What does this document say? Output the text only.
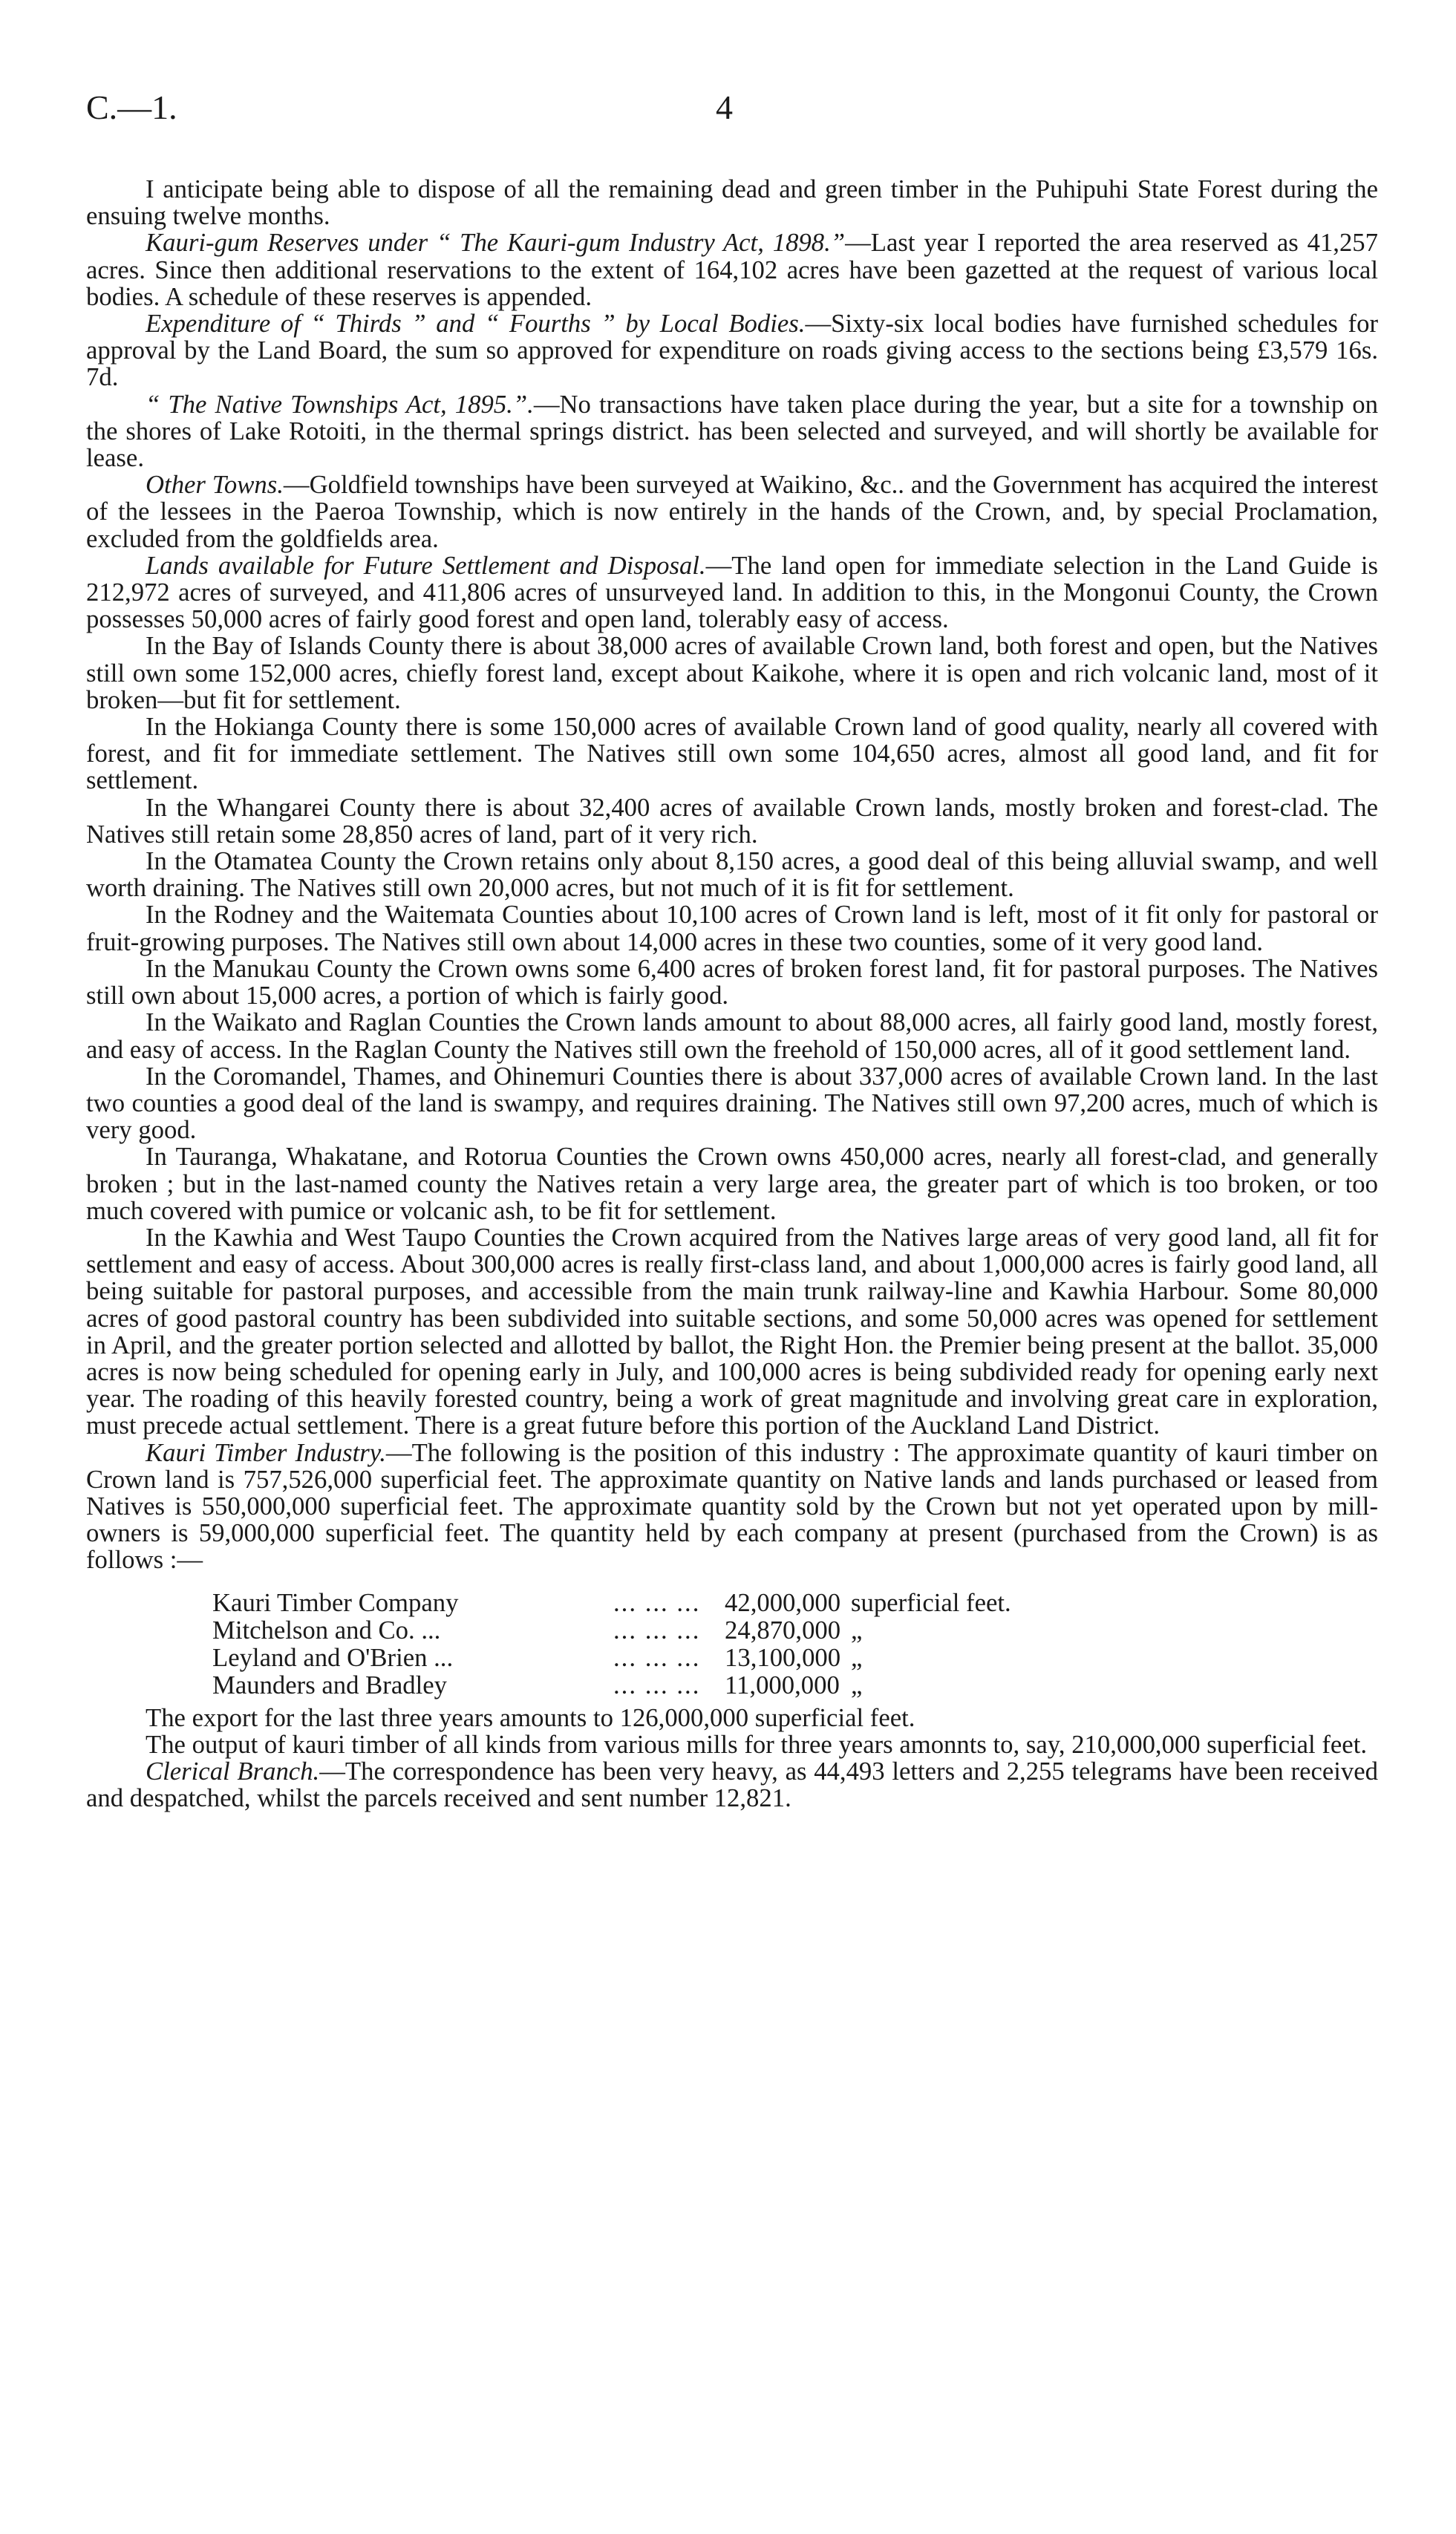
C.—1.	4

I anticipate being able to dispose of all the remaining dead and green timber in the Puhipuhi State Forest during the ensuing twelve months.

Kauri-gum Reserves under “ The Kauri-gum Industry Act, 1898.”—Last year I reported the area reserved as 41,257 acres. Since then additional reservations to the extent of 164,102 acres have been gazetted at the request of various local bodies. A schedule of these reserves is appended.

Expenditure of “ Thirds ” and “ Fourths ” by Local Bodies.—Sixty-six local bodies have furnished schedules for approval by the Land Board, the sum so approved for expenditure on roads giving access to the sections being £3,579 16s. 7d.

“ The Native Townships Act, 1895.”.—No transactions have taken place during the year, but a site for a township on the shores of Lake Rotoiti, in the thermal springs district. has been selected and surveyed, and will shortly be available for lease.

Other Towns.—Goldfield townships have been surveyed at Waikino, &c.. and the Government has acquired the interest of the lessees in the Paeroa Township, which is now entirely in the hands of the Crown, and, by special Proclamation, excluded from the goldfields area.

Lands available for Future Settlement and Disposal.—The land open for immediate selection in the Land Guide is 212,972 acres of surveyed, and 411,806 acres of unsurveyed land. In addition to this, in the Mongonui County, the Crown possesses 50,000 acres of fairly good forest and open land, tolerably easy of access.

In the Bay of Islands County there is about 38,000 acres of available Crown land, both forest and open, but the Natives still own some 152,000 acres, chiefly forest land, except about Kaikohe, where it is open and rich volcanic land, most of it broken—but fit for settlement.

In the Hokianga County there is some 150,000 acres of available Crown land of good quality, nearly all covered with forest, and fit for immediate settlement. The Natives still own some 104,650 acres, almost all good land, and fit for settlement.

In the Whangarei County there is about 32,400 acres of available Crown lands, mostly broken and forest-clad. The Natives still retain some 28,850 acres of land, part of it very rich.

In the Otamatea County the Crown retains only about 8,150 acres, a good deal of this being alluvial swamp, and well worth draining. The Natives still own 20,000 acres, but not much of it is fit for settlement.

In the Rodney and the Waitemata Counties about 10,100 acres of Crown land is left, most of it fit only for pastoral or fruit-growing purposes. The Natives still own about 14,000 acres in these two counties, some of it very good land.

In the Manukau County the Crown owns some 6,400 acres of broken forest land, fit for pastoral purposes. The Natives still own about 15,000 acres, a portion of which is fairly good.

In the Waikato and Raglan Counties the Crown lands amount to about 88,000 acres, all fairly good land, mostly forest, and easy of access. In the Raglan County the Natives still own the freehold of 150,000 acres, all of it good settlement land.

In the Coromandel, Thames, and Ohinemuri Counties there is about 337,000 acres of available Crown land. In the last two counties a good deal of the land is swampy, and requires draining. The Natives still own 97,200 acres, much of which is very good.

In Tauranga, Whakatane, and Rotorua Counties the Crown owns 450,000 acres, nearly all forest-clad, and generally broken ; but in the last-named county the Natives retain a very large area, the greater part of which is too broken, or too much covered with pumice or volcanic ash, to be fit for settlement.

In the Kawhia and West Taupo Counties the Crown acquired from the Natives large areas of very good land, all fit for settlement and easy of access. About 300,000 acres is really first-class land, and about 1,000,000 acres is fairly good land, all being suitable for pastoral purposes, and accessible from the main trunk railway-line and Kawhia Harbour. Some 80,000 acres of good pastoral country has been subdivided into suitable sections, and some 50,000 acres was opened for settlement in April, and the greater portion selected and allotted by ballot, the Right Hon. the Premier being present at the ballot. 35,000 acres is now being scheduled for opening early in July, and 100,000 acres is being subdivided ready for opening early next year. The roading of this heavily forested country, being a work of great magnitude and involving great care in exploration, must precede actual settlement. There is a great future before this portion of the Auckland Land District.

Kauri Timber Industry.—The following is the position of this industry : The approximate quantity of kauri timber on Crown land is 757,526,000 superficial feet. The approximate quantity on Native lands and lands purchased or leased from Natives is 550,000,000 superficial feet. The approximate quantity sold by the Crown but not yet operated upon by mill-owners is 59,000,000 superficial feet. The quantity held by each company at present (purchased from the Crown) is as follows :—

Kauri Timber Company	... ... ...	42,000,000	superficial feet.
Mitchelson and Co. ...	... ... ...	24,870,000	„
Leyland and O'Brien ...	... ... ...	13,100,000	„
Maunders and Bradley	... ... ...	11,000,000	„

The export for the last three years amounts to 126,000,000 superficial feet.

The output of kauri timber of all kinds from various mills for three years amonnts to, say, 210,000,000 superficial feet.

Clerical Branch.—The correspondence has been very heavy, as 44,493 letters and 2,255 telegrams have been received and despatched, whilst the parcels received and sent number 12,821.
